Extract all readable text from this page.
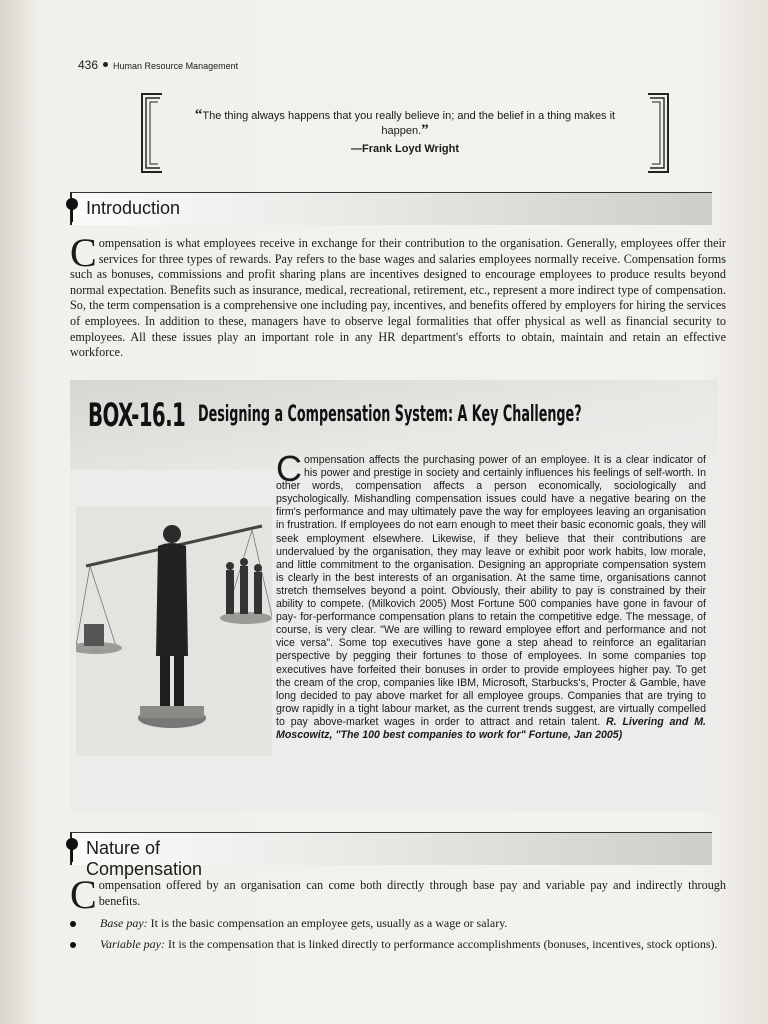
436 Human Resource Management
“The thing always happens that you really believe in; and the belief in a thing makes it happen.”
—Frank Loyd Wright
Introduction
Compensation is what employees receive in exchange for their contribution to the organisation. Generally, employees offer their services for three types of rewards. Pay refers to the base wages and salaries employees normally receive. Compensation forms such as bonuses, commissions and profit sharing plans are incentives designed to encourage employees to produce results beyond normal expectation. Benefits such as insurance, medical, recreational, retirement, etc., represent a more indirect type of compensation. So, the term compensation is a comprehensive one including pay, incentives, and benefits offered by employers for hiring the services of employees. In addition to these, managers have to observe legal formalities that offer physical as well as financial security to employees. All these issues play an important role in any HR department's efforts to obtain, maintain and retain an effective workforce.
BOX-16.1 Designing a Compensation System: A Key Challenge?
Compensation affects the purchasing power of an employee. It is a clear indicator of his power and prestige in society and certainly influences his feelings of self-worth. In other words, compensation affects a person economically, sociologically and psychologically. Mishandling compensation issues could have a negative bearing on the firm's performance and may ultimately pave the way for employees leaving an organisation in frustration. If employees do not earn enough to meet their basic economic goals, they will seek employment elsewhere. Likewise, if they believe that their contributions are undervalued by the organisation, they may leave or exhibit poor work habits, low morale, and little commitment to the organisation. Designing an appropriate compensation system is clearly in the best interests of an organisation. At the same time, organisations cannot stretch themselves beyond a point. Obviously, their ability to pay is constrained by their ability to compete. (Milkovich 2005) Most Fortune 500 companies have gone in favour of pay- for-performance compensation plans to retain the competitive edge. The message, of course, is very clear. "We are willing to reward employee effort and performance and not vice versa". Some top executives have gone a step ahead to reinforce an egalitarian perspective by pegging their fortunes to those of employees. In some companies top executives have forfeited their bonuses in order to provide employees higher pay. To get the cream of the crop, companies like IBM, Microsoft, Starbucks's, Procter & Gamble, have long decided to pay above market for all employee groups. Companies that are trying to grow rapidly in a tight labour market, as the current trends suggest, are virtually compelled to pay above-market wages in order to attract and retain talent. R. Livering and M. Moscowitz, "The 100 best companies to work for" Fortune, Jan 2005)
Nature of Compensation
Compensation offered by an organisation can come both directly through base pay and variable pay and indirectly through benefits.
Base pay: It is the basic compensation an employee gets, usually as a wage or salary.
Variable pay: It is the compensation that is linked directly to performance accomplishments (bonuses, incentives, stock options).
